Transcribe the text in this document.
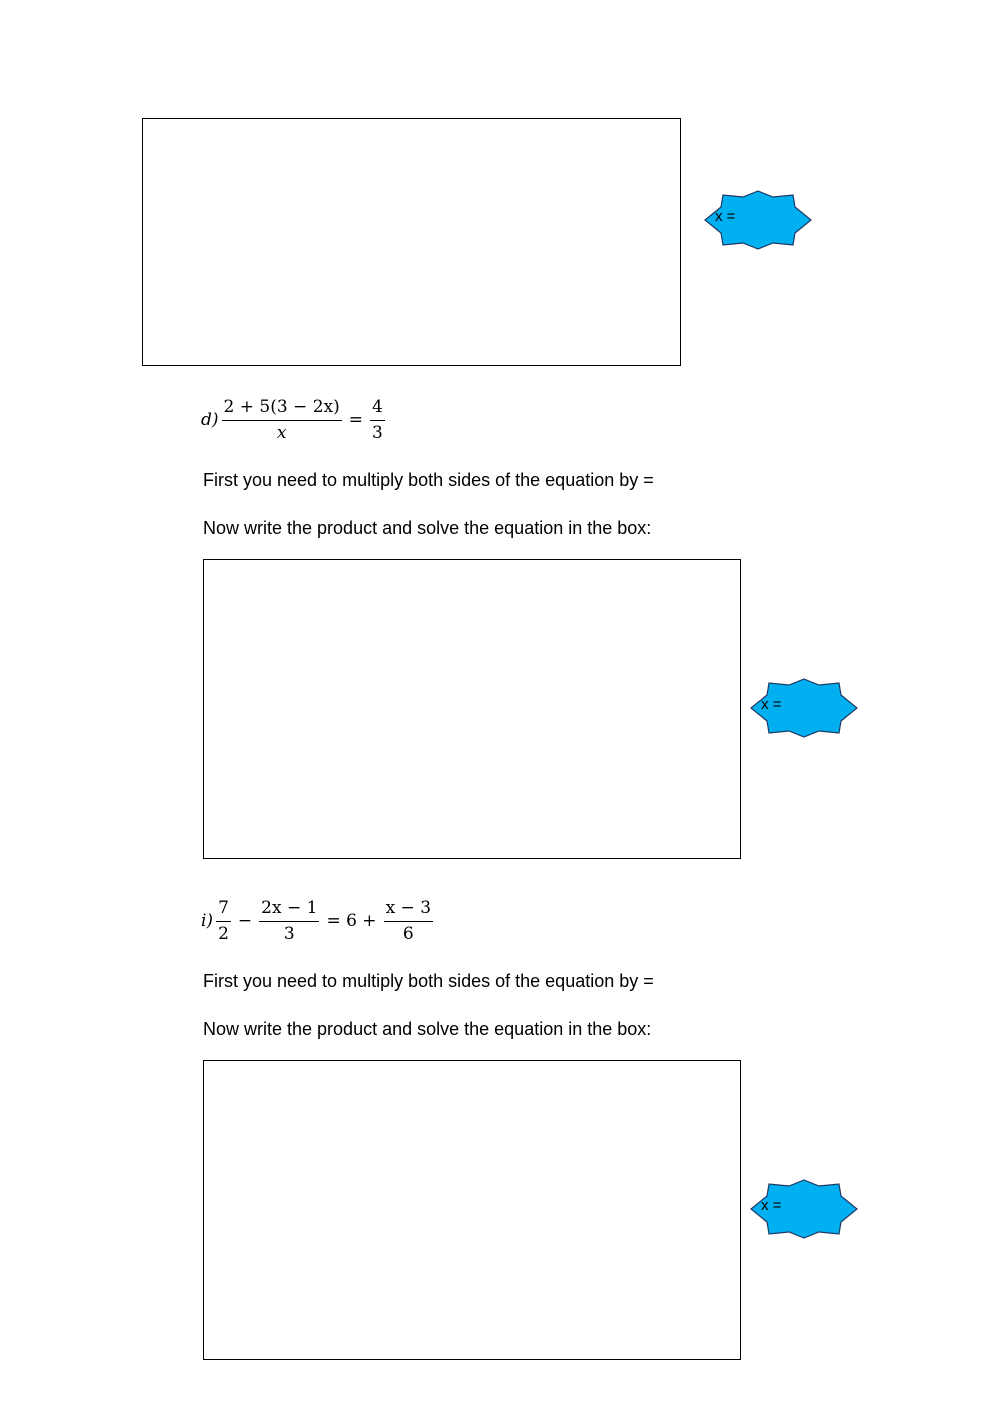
x =
$d) \frac{2 + 5(3 - 2x)}{x} = \frac{4}{3}$
First you need to multiply both sides of the equation by =
Now write the product and solve the equation in the box:
x =
$i) \frac{7}{2} - \frac{2x - 1}{3} = 6 + \frac{x - 3}{6}$
First you need to multiply both sides of the equation by =
Now write the product and solve the equation in the box:
x =
